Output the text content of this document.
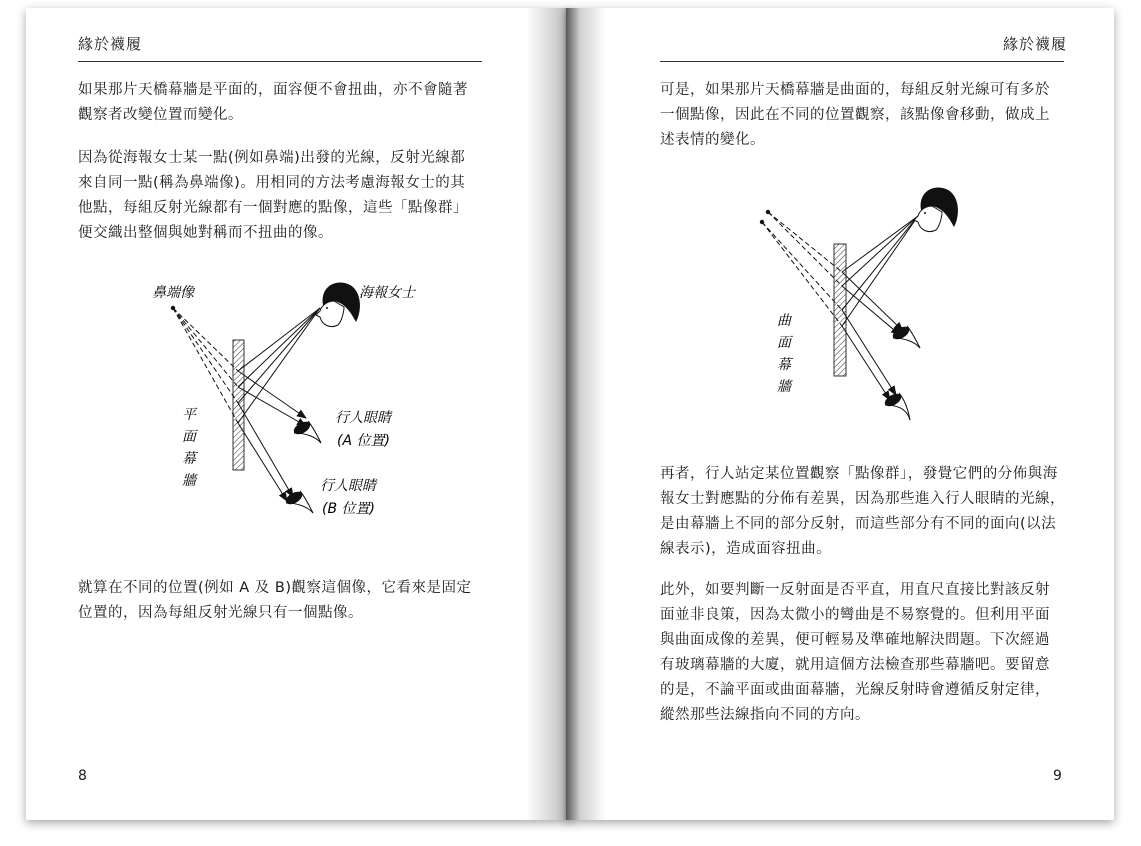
緣於襪履
如果那片天橋幕牆是平面的，面容便不會扭曲，亦不會隨著
觀察者改變位置而變化。
因為從海報女士某一點(例如鼻端)出發的光線，反射光線都
來自同一點(稱為鼻端像)。用相同的方法考慮海報女士的其
他點，每組反射光線都有一個對應的點像，這些「點像群」
便交織出整個與她對稱而不扭曲的像。
鼻端像	海報女士
平
面
幕
牆
行人眼睛
(A 位置)
行人眼睛
(B 位置)
就算在不同的位置(例如 A 及 B)觀察這個像，它看來是固定
位置的，因為每組反射光線只有一個點像。
8
緣於襪履
可是，如果那片天橋幕牆是曲面的，每組反射光線可有多於
一個點像，因此在不同的位置觀察，該點像會移動，做成上
述表情的變化。
曲
面
幕
牆
再者，行人站定某位置觀察「點像群」，發覺它們的分佈與海
報女士對應點的分佈有差異，因為那些進入行人眼睛的光線，
是由幕牆上不同的部分反射，而這些部分有不同的面向(以法
線表示)，造成面容扭曲。
此外，如要判斷一反射面是否平直，用直尺直接比對該反射
面並非良策，因為太微小的彎曲是不易察覺的。但利用平面
與曲面成像的差異，便可輕易及準確地解決問題。下次經過
有玻璃幕牆的大廈，就用這個方法檢查那些幕牆吧。要留意
的是，不論平面或曲面幕牆，光線反射時會遵循反射定律，
縱然那些法線指向不同的方向。
9
